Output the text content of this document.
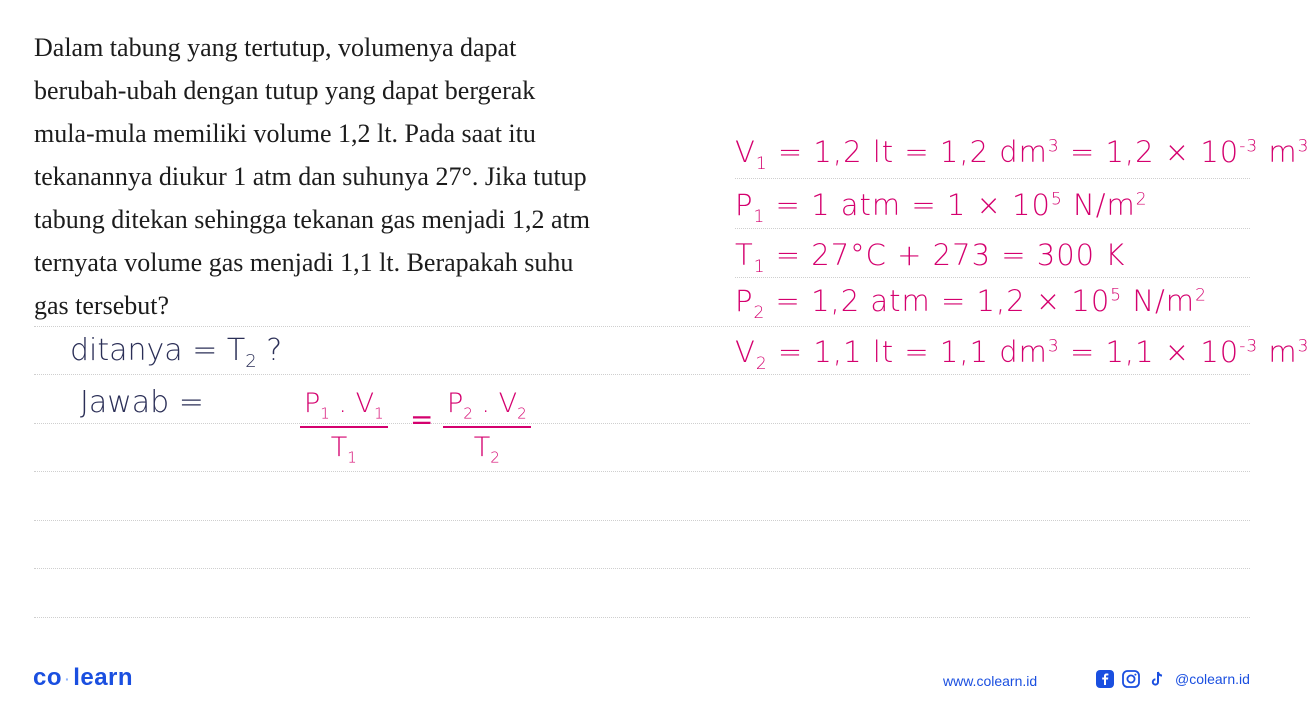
Dalam tabung yang tertutup, volumenya dapat
berubah-ubah dengan tutup yang dapat bergerak
mula-mula memiliki volume 1,2 lt. Pada saat itu
tekanannya diukur 1 atm dan suhunya 27°. Jika tutup
tabung ditekan sehingga tekanan gas menjadi 1,2 atm
ternyata volume gas menjadi 1,1 lt. Berapakah suhu
gas tersebut?
$V_1 = 1,2$ lt = 1,2 $dm^3 = 1,2 \times 10^{-3}$ $m^3$
$P_1 = 1$ atm = $1 \times 10^5$ $N/m^2$
$T_1 = 27^\circ C + 273 = 300$ K
$P_2 = 1,2$ atm = $1,2 \times 10^5$ $N/m^2$
$V_2 = 1,1$ lt = 1,1 $dm^3 = 1,1 \times 10^{-3}$ $m^3$
ditanya = $T_2$ ?
Jawab =	$\frac{P_1 . V_1}{T_1} = \frac{P_2 . V_2}{T_2}$
co · learn	www.colearn.id	@colearn.id
